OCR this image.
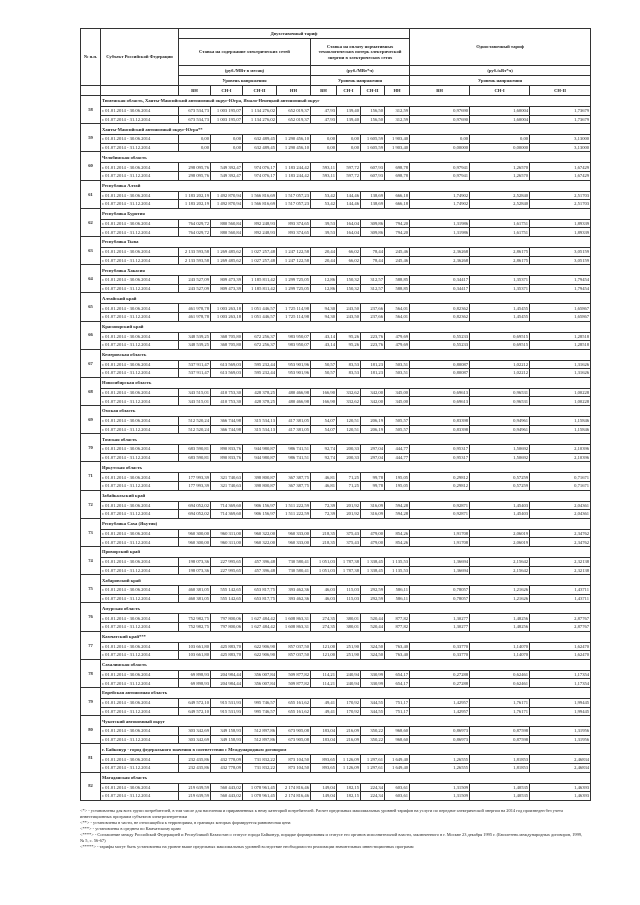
№ п.п.	Субъект Российской Федерации	Двухставочный тариф								Одноставочный тариф		
		Ставка на содержание электрических сетей				Ставка на оплату нормативных технологических потерь электрической энергии в электрических сетях						
		(руб./МВт в месяц)				(руб./МВт*ч)				(руб./кВт*ч)		
		Уровень напряжения				Уровень напряжения				Уровень напряжения		
		ВН	СН-I	СН-II	НН	ВН	СН-I	СН-II	НН	ВН	СН-I	СН-II
58	Тюменская область, Ханты-Мансийский автономный округ-Югра, Ямало-Ненецкий автономный округ											
	с 01.01.2014 - 30.06.2014	673 534,73	1 003 195,07	1 134 276,02	652 019,37	47,93	139,40	156,50	312,59	0,97690	1,60004	1,73679
	с 01.07.2014 - 31.12.2014	673 534,73	1 003 195,07	1 134 276,02	652 019,37	47,93	139,40	156,50	312,59	0,97690	1,60004	1,73679
59	Ханты-Мансийский автономный округ-Югра**											
	с 01.01.2014 - 30.06.2014	0,00	0,00	632 489,45	1 290 456,10	0,00	0,00	1 605,59	1 903,40	0,00	0,00	3,13000
	с 01.07.2014 - 31.12.2014	0,00	0,00	632 489,45	1 290 456,10	0,00	0,00	1 605,59	1 903,40	0,00000	0,00000	3,13000
60	Челябинская область											
	с 01.01.2014 - 30.06.2014	298 095,76	549 392,47	974 076,17	1 183 244,42	593,11	597,72	607,93	698,78	0,97941	1,26570	1,67429
	с 01.07.2014 - 31.12.2014	298 095,76	549 392,47	974 076,17	1 183 244,42	593,11	597,72	607,93	698,78	0,97941	1,26570	1,67429
61	Республика Алтай											
	с 01.01.2014 - 30.06.2014	1 183 202,19	1 492 870,94	1 566 816,69	1 517 057,23	53,42	144,46	138,69	666,18	1,74902	2,52840	2,51703
	с 01.07.2014 - 31.12.2014	1 183 202,19	1 492 870,94	1 566 816,69	1 517 057,23	53,42	144,46	138,69	666,18	1,74902	2,52840	2,51703
62	Республика Бурятия											
	с 01.01.2014 - 30.06.2014	764 029,72	880 560,84	892 248,93	893 374,65	39,53	164,04	309,86	794,20	1,31986	1,61751	1,89339
	с 01.07.2014 - 31.12.2014	764 029,72	880 560,84	892 248,93	893 374,65	39,53	164,04	309,86	794,20	1,31986	1,61751	1,89339
63	Республика Тыва											
	с 01.01.2014 - 30.06.2014	2 133 593,58	1 269 485,62	1 027 257,48	1 247 122,58	20,44	66,02	78,44	245,46	2,36268	2,86175	3,05159
	с 01.07.2014 - 31.12.2014	2 133 593,58	1 269 485,62	1 027 257,48	1 247 122,58	20,44	66,02	78,44	245,46	2,36268	2,86175	3,05159
64	Республика Хакасия											
	с 01.01.2014 - 30.06.2014	243 527,09	809 473,39	1 185 811,42	1 299 725,05	12,86	150,32	312,57	588,85	0,34417	1,35371	1,79454
	с 01.07.2014 - 31.12.2014	243 527,09	809 473,39	1 185 811,42	1 299 725,05	12,86	150,32	312,57	588,85	0,34417	1,35371	1,79454
65	Алтайский край											
	с 01.01.2014 - 30.06.2014	461 978,78	1 003 263,18	1 051 446,57	1 725 114,98	94,30	243,50	237,66	564,01	0,82362	1,45455	1,65867
	с 01.07.2014 - 31.12.2014	461 978,78	1 003 263,18	1 051 446,57	1 725 114,98	94,30	243,50	237,66	564,01	0,82362	1,45455	1,65867
66	Красноярский край											
	с 01.01.2014 - 30.06.2014	348 539,25	368 705,80	672 256,37	983 950,07	43,14	95,26	223,76	479,69	0,55233	0,69515	1,28518
	с 01.07.2014 - 31.12.2014	348 539,25	368 705,80	672 256,37	983 950,07	43,14	95,26	223,76	479,69	0,55233	0,69515	1,28518
67	Кемеровская область											
	с 01.01.2014 - 30.06.2014	537 911,47	613 569,03	595 232,44	953 901,96	50,57	83,53	181,23	503,51	0,80087	1,02212	1,31626
	с 01.07.2014 - 31.12.2014	537 911,47	613 569,03	595 232,44	953 901,96	50,57	83,53	181,23	503,51	0,80087	1,02212	1,31626
68	Новосибирская область											
	с 01.01.2014 - 30.06.2014	343 515,01	410 753,30	428 378,25	480 466,98	166,90	332,62	342,00	345,00	0,69613	0,96531	1,00228
	с 01.07.2014 - 31.12.2014	343 515,01	410 753,30	428 378,25	480 466,98	166,90	332,62	342,00	345,00	0,69613	0,96531	1,00228
69	Омская область											
	с 01.01.2014 - 30.06.2014	512 520,24	366 744,98	315 534,13	417 381,05	54,07	120,51	206,19	505,57	0,83398	0,94961	1,15846
	с 01.07.2014 - 31.12.2014	512 520,24	366 744,98	315 534,13	417 381,05	54,07	120,51	206,19	505,57	0,83398	0,94961	1,15846
70	Томская область											
	с 01.01.2014 - 30.06.2014	683 590,81	890 833,76	944 980,87	986 741,51	92,74	200,33	297,04	444,77	0,95317	1,50692	2,10396
	с 01.07.2014 - 31.12.2014	683 590,81	890 833,76	944 980,87	986 741,51	92,74	200,33	297,04	444,77	0,95317	1,50692	2,10396
71	Иркутская область											
	с 01.01.2014 - 30.06.2014	177 993,39	321 740,63	398 800,87	367 387,75	46,81	71,25	99,78	195,05	0,29812	0,57259	0,71671
	с 01.07.2014 - 31.12.2014	177 993,39	321 740,63	398 800,87	367 387,75	46,81	71,25	99,78	195,05	0,29812	0,57259	0,71671
72	Забайкальский край											
	с 01.01.2014 - 30.06.2014	694 052,02	714 369,60	906 156,97	1 511 222,59	72,39	201,92	316,09	594,28	0,92871	1,45403	2,04361
	с 01.07.2014 - 31.12.2014	694 052,02	714 369,60	906 156,97	1 511 222,59	72,39	201,92	316,09	594,28	0,92871	1,45403	2,04361
73	Республика Саха (Якутия)											
	с 01.01.2014 - 30.06.2014	960 300,00	960 311,00	960 322,00	960 333,00	218,35	375,43	479,00	854,26	1,91708	2,06019	2,34762
	с 01.07.2014 - 31.12.2014	960 300,00	960 311,00	960 322,00	960 333,00	218,35	375,43	479,00	854,26	1,91708	2,06019	2,34762
74	Приморский край											
	с 01.01.2014 - 30.06.2014	198 073,36	227 995,65	457 396,48	730 580,41	1 051,03	1 787,38	1 338,45	1 135,53	1,36694	2,15642	2,32138
	с 01.07.2014 - 31.12.2014	198 073,36	227 995,65	457 396,48	730 580,41	1 051,03	1 787,38	1 338,45	1 135,53	1,36694	2,15642	2,32138
75	Хабаровский край											
	с 01.01.2014 - 30.06.2014	460 381,05	555 142,65	653 817,75	393 462,36	46,03	115,03	292,59	586,11	0,78057	1,21626	1,43711
	с 01.07.2014 - 31.12.2014	460 381,05	555 142,65	653 817,75	393 462,36	46,03	115,03	292,59	586,11	0,78057	1,21626	1,43711
76	Амурская область											
	с 01.01.2014 - 30.06.2014	752 982,75	797 800,06	1 627 484,42	1 608 863,31	274,35	380,01	520,44	877,82	1,30277	1,48256	2,87767
	с 01.07.2014 - 31.12.2014	752 982,75	797 800,06	1 627 484,42	1 608 863,31	274,35	380,01	520,44	877,82	1,30277	1,48256	2,87767
77	Камчатский край***											
	с 01.01.2014 - 30.06.2014	103 661,80	425 883,70	622 906,90	857 037,50	121,00	251,90	324,50	763,40	0,33770	1,14070	1,62470
	с 01.07.2014 - 31.12.2014	103 661,80	425 883,70	622 906,90	857 037,50	121,00	251,90	324,50	763,40	0,33770	1,14070	1,62470
78	Сахалинская область											
	с 01.01.2014 - 30.06.2014	69 898,93	204 984,44	356 007,84	509 877,82	114,21	240,94	330,99	654,17	0,27288	0,62461	1,17354
	с 01.07.2014 - 31.12.2014	69 898,93	204 984,44	356 007,84	509 877,82	114,21	240,94	330,99	654,17	0,27288	0,62461	1,17354
79	Еврейская автономная область											
	с 01.01.2014 - 30.06.2014	649 572,10	915 531,93	995 746,57	655 161,62	49,41	170,92	344,55	751,17	1,42957	1,76171	1,99445
	с 01.07.2014 - 31.12.2014	649 572,10	915 531,93	995 746,57	655 161,62	49,41	170,92	344,55	751,17	1,42957	1,76171	1,99445
80	Чукотский автономный округ											
	с 01.01.2014 - 30.06.2014	303 342,69	349 158,93	512 897,86	673 905,08	183,04	216,09	350,22	968,60	0,86973	0,87598	1,31956
	с 01.07.2014 - 31.12.2014	303 342,69	349 158,93	512 897,86	673 905,08	183,04	216,09	350,22	968,60	0,86973	0,87598	1,31956
81	г. Байконур - город федерального значения в соответствии с Международным договором											
	с 01.01.2014 - 30.06.2014	232 435,86	432 778,09	731 832,22	873 104,50	893,65	1 126,09	1 297,61	1 649,40	1,26555	1,81853	2,46834
	с 01.07.2014 - 31.12.2014	232 435,86	432 778,09	731 832,22	873 104,50	893,65	1 126,09	1 297,61	1 649,40	1,26555	1,81853	2,46834
82	Магаданская область											
	с 01.01.2014 - 30.06.2014	219 639,59	560 443,02	1 078 961,45	2 174 816,46	149,04	182,15	224,34	603,61	1,31509	1,40535	1,46393
	с 01.07.2014 - 31.12.2014	219 639,59	560 443,02	1 078 961,45	2 174 816,46	149,04	182,15	224,34	603,61	1,31509	1,40535	1,46393

<*> - установлены для всех групп потребителей, в том числе для населения и приравненных к нему категорий потребителей. Расчет предельных максимальных уровней тарифов на услуги по передаче электрической энергии на 2014 год произведен без учета инвестиционных программ субъектов электроэнергетики

<**> - установлены в части, не относящейся к территориям, в границах которых формируется равновесная цена

<***> - установлены в среднем по Камчатскому краю

<****> - Соглашение между Российской Федерацией и Республикой Казахстан о статусе города Байконур, порядке формирования и статусе его органов исполнительной власти, заключенного в г. Москве 23 декабря 1995 г. (Бюллетень международных договоров, 1999, № 5, с. 56-67)

<*****> - тарифы могут быть установлены на уровне выше предельных максимальных уровней вследствие необходимости реализации значительных инвестиционных программ
